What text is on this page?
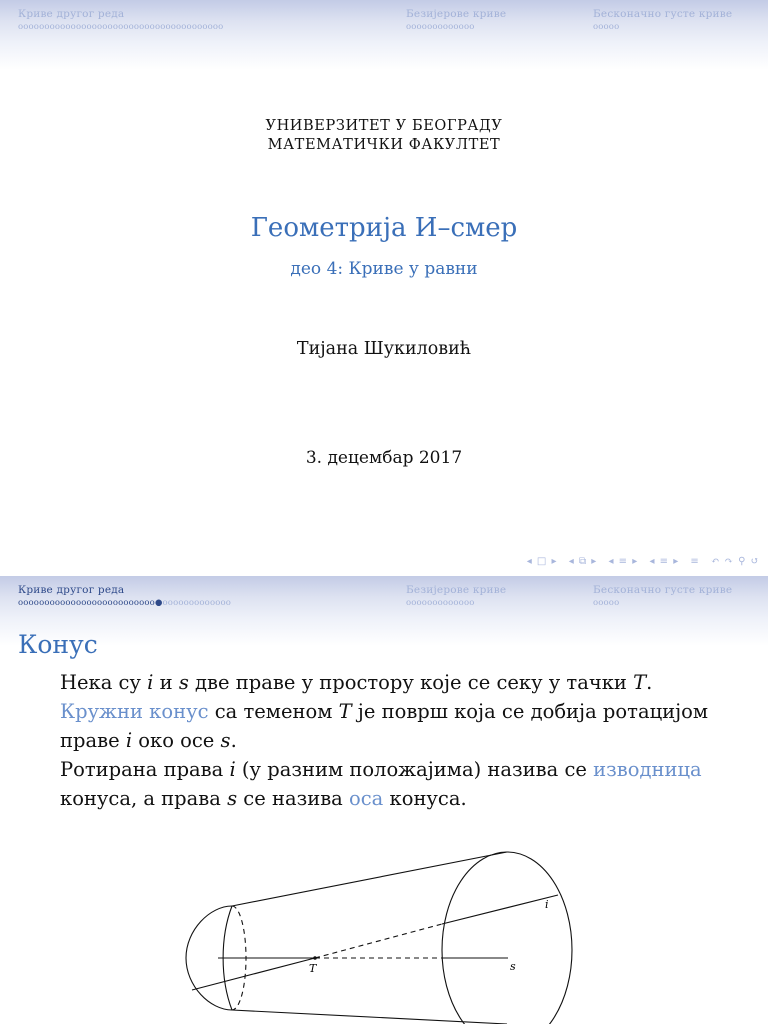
Криве другог реда
ooooooooooooooooooooooooooooooooooooooo
Безијерове криве
ooooooooooooo
Бесконачно густе криве
ooooo
УНИВЕРЗИТЕТ У БЕОГРАДУ
МАТЕМАТИЧКИ ФАКУЛТЕТ
Геометрија И–смер
део 4: Криве у равни
Тијана Шукиловић
3. децембар 2017
◂ □ ▸ ◂ ⧉ ▸ ◂ ≡ ▸ ◂ ≡ ▸ ≡ ↶ ↷ ⚲ ↺
Криве другог реда
oooooooooooooooooooooooooo●ooooooooooooo
Безијерове криве
ooooooooooooo
Бесконачно густе криве
ooooo
Конус

Нека су i и s две праве у простору које се секу у тачки T.

Кружни конус са теменом T је површ која се добија ротацијом праве i око осе s.

Ротирана права i (у разним положајима) назива се изводница конуса, а права s се назива оса конуса.

i
s
T
